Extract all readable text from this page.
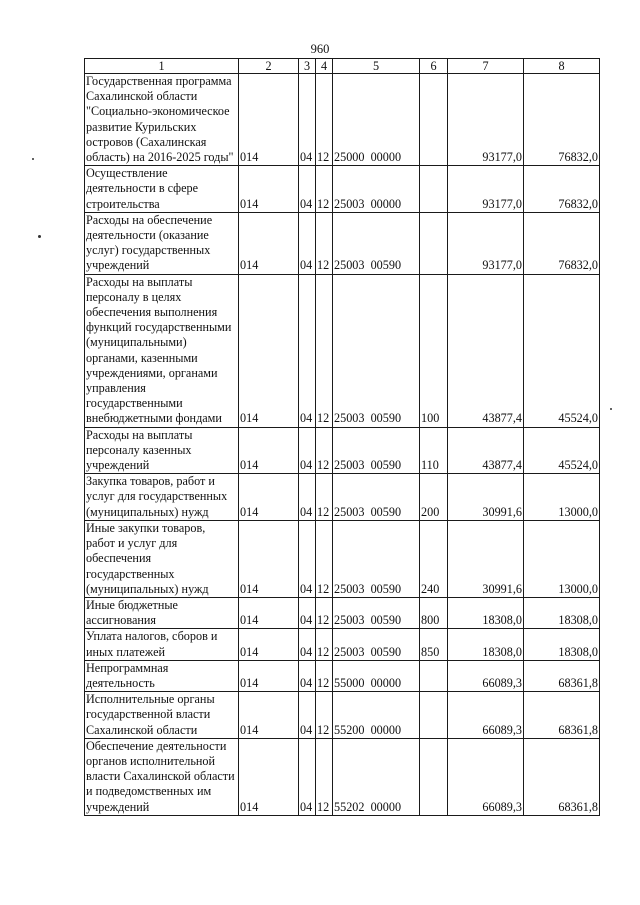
960
1	2	3	4	5	6	7	8
Государственная программа Сахалинской области "Социально-экономическое развитие Курильских островов (Сахалинская область) на 2016-2025 годы"	014	04	12	25000  00000		93177,0	76832,0
Осуществление деятельности в сфере строительства	014	04	12	25003  00000		93177,0	76832,0
Расходы на обеспечение деятельности (оказание услуг) государственных учреждений	014	04	12	25003  00590		93177,0	76832,0
Расходы на выплаты персоналу в целях обеспечения выполнения функций государственными (муниципальными) органами, казенными учреждениями, органами управления государственными внебюджетными фондами	014	04	12	25003  00590	100	43877,4	45524,0
Расходы на выплаты персоналу казенных учреждений	014	04	12	25003  00590	110	43877,4	45524,0
Закупка товаров, работ и услуг для государственных (муниципальных) нужд	014	04	12	25003  00590	200	30991,6	13000,0
Иные закупки товаров, работ и услуг для обеспечения государственных (муниципальных) нужд	014	04	12	25003  00590	240	30991,6	13000,0
Иные бюджетные ассигнования	014	04	12	25003  00590	800	18308,0	18308,0
Уплата налогов, сборов и иных платежей	014	04	12	25003  00590	850	18308,0	18308,0
Непрограммная деятельность	014	04	12	55000  00000		66089,3	68361,8
Исполнительные органы государственной власти Сахалинской области	014	04	12	55200  00000		66089,3	68361,8
Обеспечение деятельности органов исполнительной власти Сахалинской области и подведомственных им учреждений	014	04	12	55202  00000		66089,3	68361,8
